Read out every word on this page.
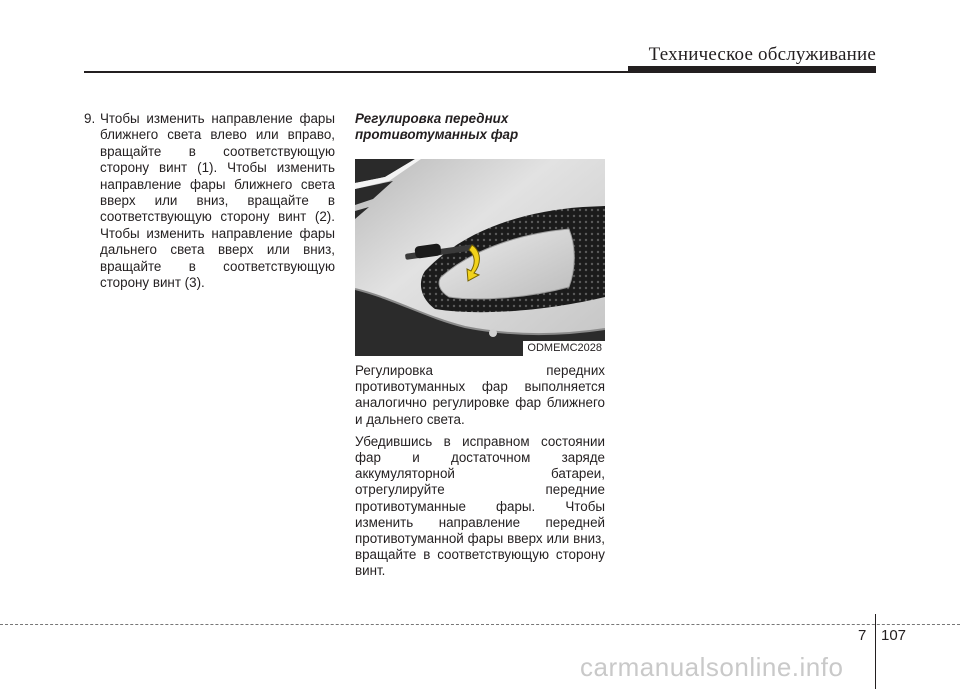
Техническое обслуживание
9. Чтобы изменить направление фары ближнего света влево или вправо, вращайте в соответствующую сторону винт (1). Чтобы изменить направление фары ближнего света вверх или вниз, вращайте в соответствующую сторону винт (2). Чтобы изменить направление фары дальнего света вверх или вниз, вращайте в соответствующую сторону винт (3).

Регулировка передних противотуманных фар

ODMEMC2028

Регулировка передних противотуманных фар выполняется аналогично регулировке фар ближнего и дальнего света.

Убедившись в исправном состоянии фар и достаточном заряде аккумуляторной батареи, отрегулируйте передние противотуманные фары. Чтобы изменить направление передней противотуманной фары вверх или вниз, вращайте в соответствующую сторону винт.

7 107
carmanualsonline.info
